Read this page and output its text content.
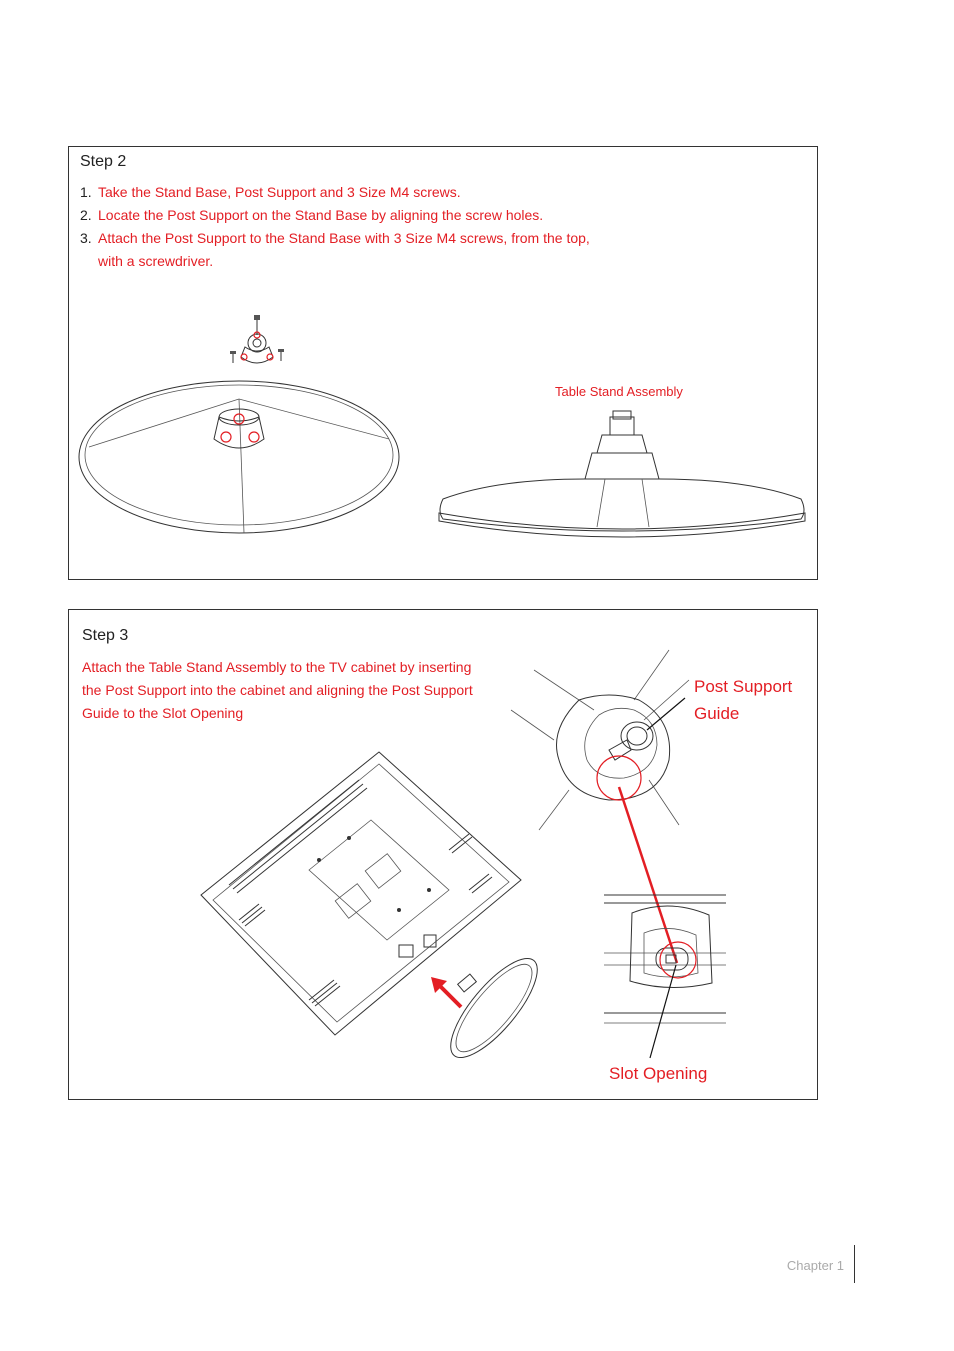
Step 2
1. Take the Stand Base, Post Support and 3 Size M4 screws.
2. Locate the Post Support on the Stand Base by aligning the screw holes.
3. Attach the Post Support to the Stand Base with 3 Size M4 screws, from the top, with a screwdriver.
Table Stand Assembly
Step 3
Attach the Table Stand Assembly to the TV cabinet by inserting the Post Support into the cabinet and aligning the Post Support Guide to the Slot Opening
Post Support
Guide
Slot Opening
Chapter 1
